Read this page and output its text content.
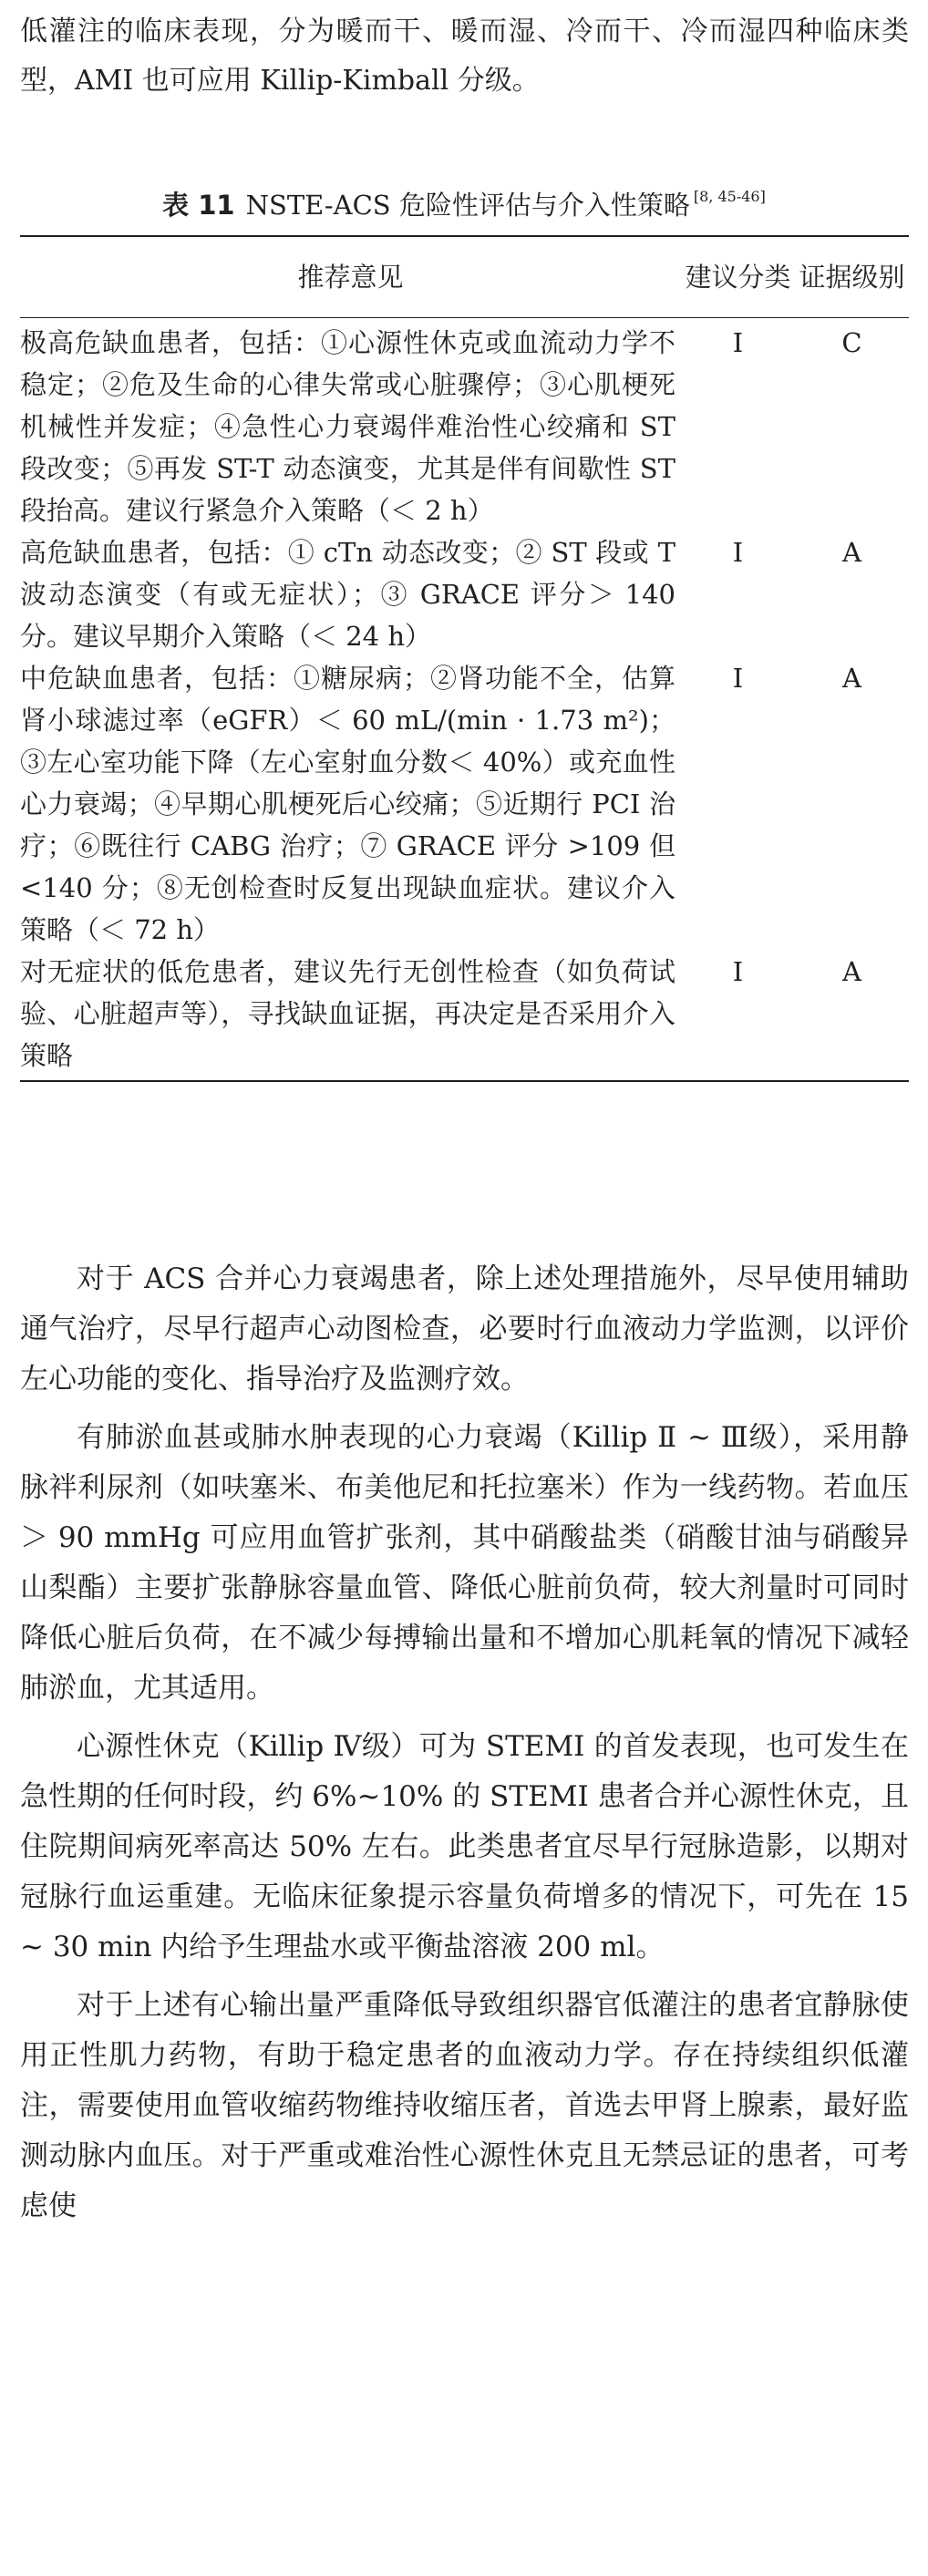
低灌注的临床表现，分为暖而干、暖而湿、冷而干、冷而湿四种临床类型，AMI 也可应用 Killip-Kimball 分级。
表 11 NSTE-ACS 危险性评估与介入性策略 [8, 45-46]
推荐意见	建议分类	证据级别
极高危缺血患者，包括：①心源性休克或血流动力学不稳定；②危及生命的心律失常或心脏骤停；③心肌梗死机械性并发症；④急性心力衰竭伴难治性心绞痛和 ST 段改变；⑤再发 ST-T 动态演变，尤其是伴有间歇性 ST 段抬高。建议行紧急介入策略（＜ 2 h）	I	C
高危缺血患者，包括：① cTn 动态改变；② ST 段或 T 波动态演变（有或无症状）；③ GRACE 评分＞ 140 分。建议早期介入策略（＜ 24 h）	I	A
中危缺血患者，包括：①糖尿病；②肾功能不全，估算肾小球滤过率（eGFR）＜ 60 mL/(min · 1.73 m²)；③左心室功能下降（左心室射血分数＜ 40%）或充血性心力衰竭；④早期心肌梗死后心绞痛；⑤近期行 PCI 治疗；⑥既往行 CABG 治疗；⑦ GRACE 评分 >109 但 <140 分；⑧无创检查时反复出现缺血症状。建议介入策略（＜ 72 h）	I	A
对无症状的低危患者，建议先行无创性检查（如负荷试验、心脏超声等），寻找缺血证据，再决定是否采用介入策略	I	A

对于 ACS 合并心力衰竭患者，除上述处理措施外，尽早使用辅助通气治疗，尽早行超声心动图检查，必要时行血液动力学监测，以评价左心功能的变化、指导治疗及监测疗效。

有肺淤血甚或肺水肿表现的心力衰竭（Killip Ⅱ ~ Ⅲ级），采用静脉袢利尿剂（如呋塞米、布美他尼和托拉塞米）作为一线药物。若血压＞ 90 mmHg 可应用血管扩张剂，其中硝酸盐类（硝酸甘油与硝酸异山梨酯）主要扩张静脉容量血管、降低心脏前负荷，较大剂量时可同时降低心脏后负荷，在不减少每搏输出量和不增加心肌耗氧的情况下减轻肺淤血，尤其适用。

心源性休克（Killip Ⅳ级）可为 STEMI 的首发表现，也可发生在急性期的任何时段，约 6%~10% 的 STEMI 患者合并心源性休克，且住院期间病死率高达 50% 左右。此类患者宜尽早行冠脉造影，以期对冠脉行血运重建。无临床征象提示容量负荷增多的情况下，可先在 15 ~ 30 min 内给予生理盐水或平衡盐溶液 200 ml。

对于上述有心输出量严重降低导致组织器官低灌注的患者宜静脉使用正性肌力药物，有助于稳定患者的血液动力学。存在持续组织低灌注，需要使用血管收缩药物维持收缩压者，首选去甲肾上腺素，最好监测动脉内血压。对于严重或难治性心源性休克且无禁忌证的患者，可考虑使
